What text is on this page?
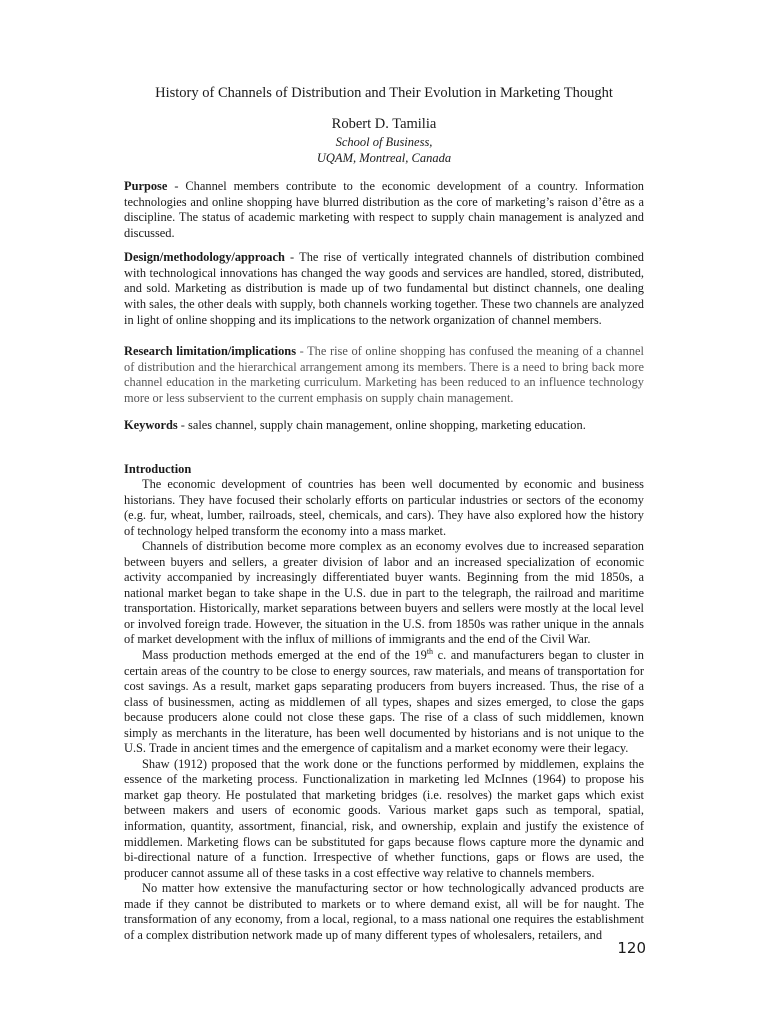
History of Channels of Distribution and Their Evolution in Marketing Thought
Robert D. Tamilia
School of Business,
UQAM, Montreal, Canada
Purpose - Channel members contribute to the economic development of a country. Information technologies and online shopping have blurred distribution as the core of marketing’s raison d’être as a discipline. The status of academic marketing with respect to supply chain management is analyzed and discussed.
Design/methodology/approach - The rise of vertically integrated channels of distribution combined with technological innovations has changed the way goods and services are handled, stored, distributed, and sold. Marketing as distribution is made up of two fundamental but distinct channels, one dealing with sales, the other deals with supply, both channels working together. These two channels are analyzed in light of online shopping and its implications to the network organization of channel members.
Research limitation/implications - The rise of online shopping has confused the meaning of a channel of distribution and the hierarchical arrangement among its members. There is a need to bring back more channel education in the marketing curriculum. Marketing has been reduced to an influence technology more or less subservient to the current emphasis on supply chain management.
Keywords - sales channel, supply chain management, online shopping, marketing education.
Introduction

The economic development of countries has been well documented by economic and business historians. They have focused their scholarly efforts on particular industries or sectors of the economy (e.g. fur, wheat, lumber, railroads, steel, chemicals, and cars). They have also explored how the history of technology helped transform the economy into a mass market.

Channels of distribution become more complex as an economy evolves due to increased separation between buyers and sellers, a greater division of labor and an increased specialization of economic activity accompanied by increasingly differentiated buyer wants. Beginning from the mid 1850s, a national market began to take shape in the U.S. due in part to the telegraph, the railroad and maritime transportation. Historically, market separations between buyers and sellers were mostly at the local level or involved foreign trade. However, the situation in the U.S. from 1850s was rather unique in the annals of market development with the influx of millions of immigrants and the end of the Civil War.

Mass production methods emerged at the end of the 19th c. and manufacturers began to cluster in certain areas of the country to be close to energy sources, raw materials, and means of transportation for cost savings. As a result, market gaps separating producers from buyers increased. Thus, the rise of a class of businessmen, acting as middlemen of all types, shapes and sizes emerged, to close the gaps because producers alone could not close these gaps. The rise of a class of such middlemen, known simply as merchants in the literature, has been well documented by historians and is not unique to the U.S. Trade in ancient times and the emergence of capitalism and a market economy were their legacy.

Shaw (1912) proposed that the work done or the functions performed by middlemen, explains the essence of the marketing process. Functionalization in marketing led McInnes (1964) to propose his market gap theory. He postulated that marketing bridges (i.e. resolves) the market gaps which exist between makers and users of economic goods. Various market gaps such as temporal, spatial, information, quantity, assortment, financial, risk, and ownership, explain and justify the existence of middlemen. Marketing flows can be substituted for gaps because flows capture more the dynamic and bi-directional nature of a function. Irrespective of whether functions, gaps or flows are used, the producer cannot assume all of these tasks in a cost effective way relative to channels members.

No matter how extensive the manufacturing sector or how technologically advanced products are made if they cannot be distributed to markets or to where demand exist, all will be for naught. The transformation of any economy, from a local, regional, to a mass national one requires the establishment of a complex distribution network made up of many different types of wholesalers, retailers, and

120
